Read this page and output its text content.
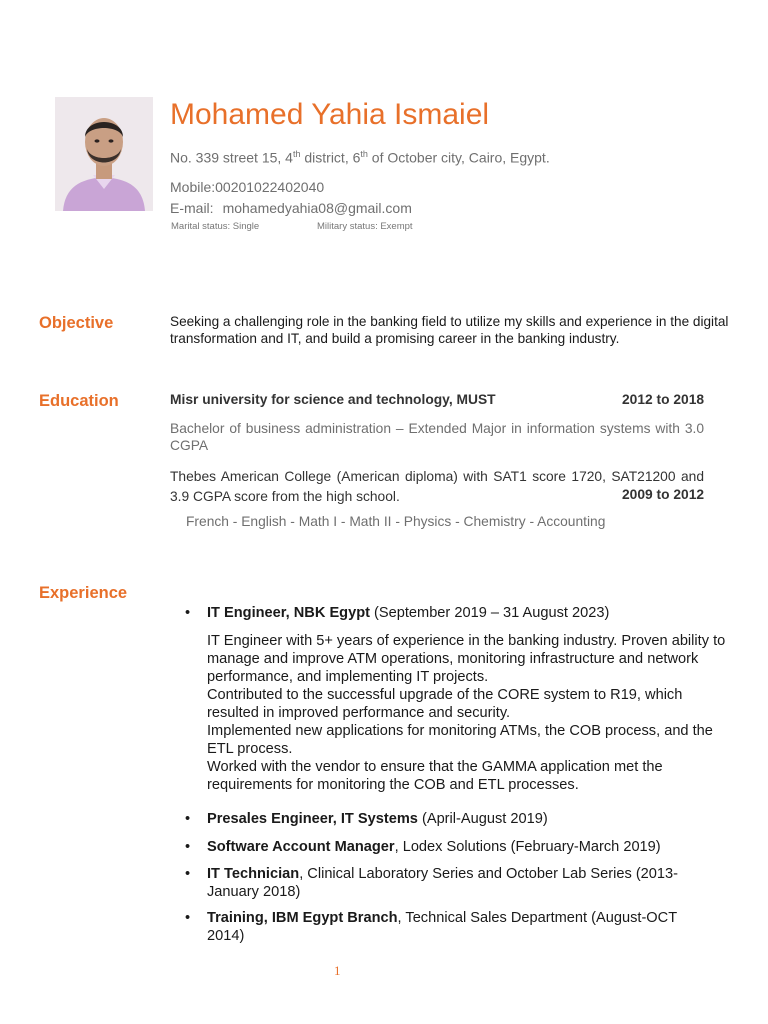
Mohamed Yahia Ismaiel
No. 339 street 15, 4th district, 6th of October city, Cairo, Egypt.
Mobile:00201022402040
E-mail: mohamedyahia08@gmail.com
Marital status: Single	Military status: Exempt
Objective	Seeking a challenging role in the banking field to utilize my skills and experience in the digital transformation and IT, and build a promising career in the banking industry.
Education	Misr university for science and technology, MUST	2012 to 2018
Bachelor of business administration – Extended Major in information systems with 3.0 CGPA
Thebes American College (American diploma) with SAT1 score 1720, SAT21200 and 3.9 CGPA score from the high school.	2009 to 2012
French - English - Math I - Math II - Physics - Chemistry - Accounting
Experience
• IT Engineer, NBK Egypt (September 2019 – 31 August 2023)
IT Engineer with 5+ years of experience in the banking industry. Proven ability to manage and improve ATM operations, monitoring infrastructure and network performance, and implementing IT projects.
Contributed to the successful upgrade of the CORE system to R19, which resulted in improved performance and security.
Implemented new applications for monitoring ATMs, the COB process, and the ETL process.
Worked with the vendor to ensure that the GAMMA application met the requirements for monitoring the COB and ETL processes.
• Presales Engineer, IT Systems (April-August 2019)
• Software Account Manager, Lodex Solutions (February-March 2019)
• IT Technician, Clinical Laboratory Series and October Lab Series (2013-January 2018)
• Training, IBM Egypt Branch, Technical Sales Department (August-OCT 2014)
1
